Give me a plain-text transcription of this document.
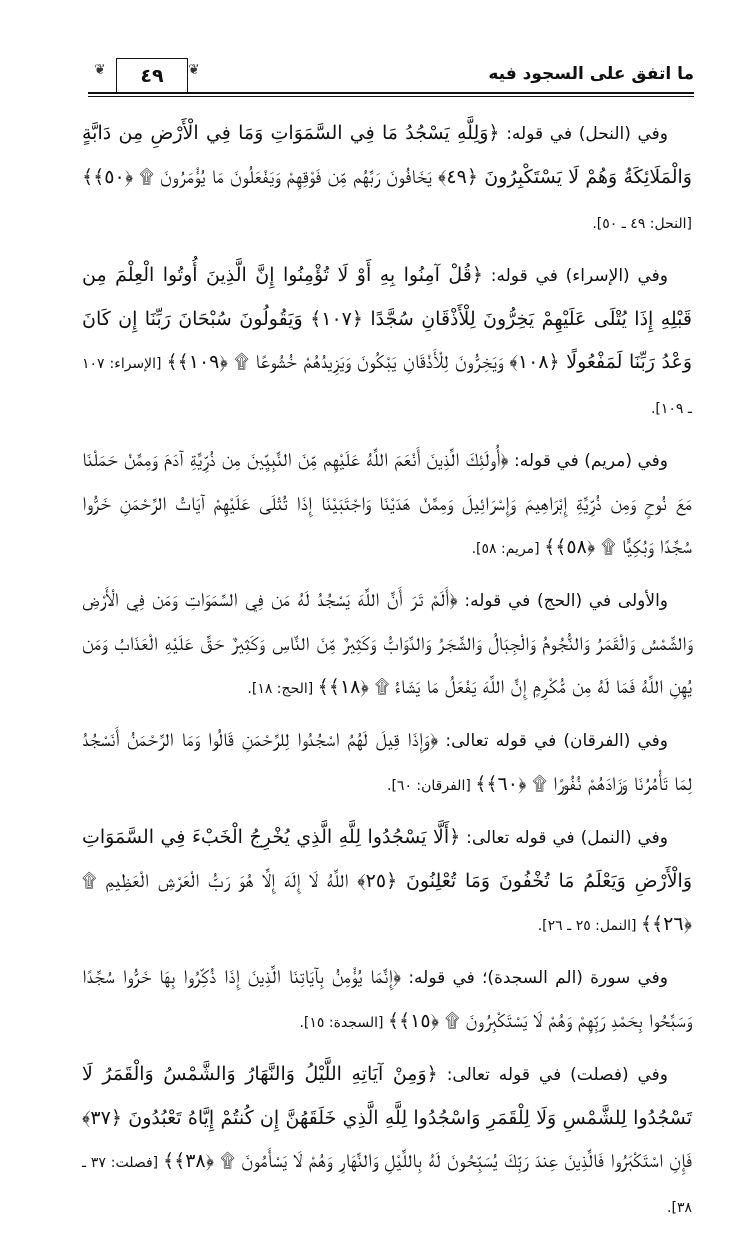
ما اتفق على السجود فيه
٤٩	❦
❦

وفي (النحل) في قوله: ﴿وَلِلَّهِ يَسْجُدُ مَا فِي السَّمَوَاتِ وَمَا فِي الْأَرْضِ مِن دَابَّةٍ وَالْمَلَائِكَةُ وَهُمْ لَا يَسْتَكْبِرُونَ ﴿٤٩﴾ يَخَافُونَ رَبَّهُم مِّن فَوْقِهِمْ وَيَفْعَلُونَ مَا يُؤْمَرُونَ ۩ ﴿٥٠﴾﴾ [النحل: ٤٩ ـ ٥٠].

وفي (الإسراء) في قوله: ﴿قُلْ آمِنُوا بِهِ أَوْ لَا تُؤْمِنُوا إِنَّ الَّذِينَ أُوتُوا الْعِلْمَ مِن قَبْلِهِ إِذَا يُتْلَى عَلَيْهِمْ يَخِرُّونَ لِلْأَذْقَانِ سُجَّدًا ﴿١٠٧﴾ وَيَقُولُونَ سُبْحَانَ رَبِّنَا إِن كَانَ وَعْدُ رَبِّنَا لَمَفْعُولًا ﴿١٠٨﴾ وَيَخِرُّونَ لِلْأَذْقَانِ يَبْكُونَ وَيَزِيدُهُمْ خُشُوعًا ۩ ﴿١٠٩﴾﴾ [الإسراء: ١٠٧ ـ ١٠٩].

وفي (مريم) في قوله: ﴿أُولَئِكَ الَّذِينَ أَنْعَمَ اللَّهُ عَلَيْهِم مِّنَ النَّبِيِّينَ مِن ذُرِّيَّةِ آدَمَ وَمِمَّنْ حَمَلْنَا مَعَ نُوحٍ وَمِن ذُرِّيَّةِ إِبْرَاهِيمَ وَإِسْرَائِيلَ وَمِمَّنْ هَدَيْنَا وَاجْتَبَيْنَا إِذَا تُتْلَى عَلَيْهِمْ آيَاتُ الرَّحْمَنِ خَرُّوا سُجَّدًا وَبُكِيًّا ۩ ﴿٥٨﴾﴾ [مريم: ٥٨].

والأولى في (الحج) في قوله: ﴿أَلَمْ تَرَ أَنَّ اللَّهَ يَسْجُدُ لَهُ مَن فِي السَّمَوَاتِ وَمَن فِي الْأَرْضِ وَالشَّمْسُ وَالْقَمَرُ وَالنُّجُومُ وَالْجِبَالُ وَالشَّجَرُ وَالدَّوَابُّ وَكَثِيرٌ مِّنَ النَّاسِ وَكَثِيرٌ حَقَّ عَلَيْهِ الْعَذَابُ وَمَن يُهِنِ اللَّهُ فَمَا لَهُ مِن مُّكْرِمٍ إِنَّ اللَّهَ يَفْعَلُ مَا يَشَاءُ ۩ ﴿١٨﴾﴾ [الحج: ١٨].

وفي (الفرقان) في قوله تعالى: ﴿وَإِذَا قِيلَ لَهُمُ اسْجُدُوا لِلرَّحْمَنِ قَالُوا وَمَا الرَّحْمَنُ أَنَسْجُدُ لِمَا تَأْمُرُنَا وَزَادَهُمْ نُفُورًا ۩ ﴿٦٠﴾﴾ [الفرقان: ٦٠].

وفي (النمل) في قوله تعالى: ﴿أَلَّا يَسْجُدُوا لِلَّهِ الَّذِي يُخْرِجُ الْخَبْءَ فِي السَّمَوَاتِ وَالْأَرْضِ وَيَعْلَمُ مَا تُخْفُونَ وَمَا تُعْلِنُونَ ﴿٢٥﴾ اللَّهُ لَا إِلَهَ إِلَّا هُوَ رَبُّ الْعَرْشِ الْعَظِيمِ ۩ ﴿٢٦﴾﴾ [النمل: ٢٥ ـ ٢٦].

وفي سورة (الم السجدة)؛ في قوله: ﴿إِنَّمَا يُؤْمِنُ بِآيَاتِنَا الَّذِينَ إِذَا ذُكِّرُوا بِهَا خَرُّوا سُجَّدًا وَسَبَّحُوا بِحَمْدِ رَبِّهِمْ وَهُمْ لَا يَسْتَكْبِرُونَ ۩ ﴿١٥﴾﴾ [السجدة: ١٥].

وفي (فصلت) في قوله تعالى: ﴿وَمِنْ آيَاتِهِ اللَّيْلُ وَالنَّهَارُ وَالشَّمْسُ وَالْقَمَرُ لَا تَسْجُدُوا لِلشَّمْسِ وَلَا لِلْقَمَرِ وَاسْجُدُوا لِلَّهِ الَّذِي خَلَقَهُنَّ إِن كُنتُمْ إِيَّاهُ تَعْبُدُونَ ﴿٣٧﴾ فَإِنِ اسْتَكْبَرُوا فَالَّذِينَ عِندَ رَبِّكَ يُسَبِّحُونَ لَهُ بِاللَّيْلِ وَالنَّهَارِ وَهُمْ لَا يَسْأَمُونَ ۩ ﴿٣٨﴾﴾ [فصلت: ٣٧ ـ ٣٨].
